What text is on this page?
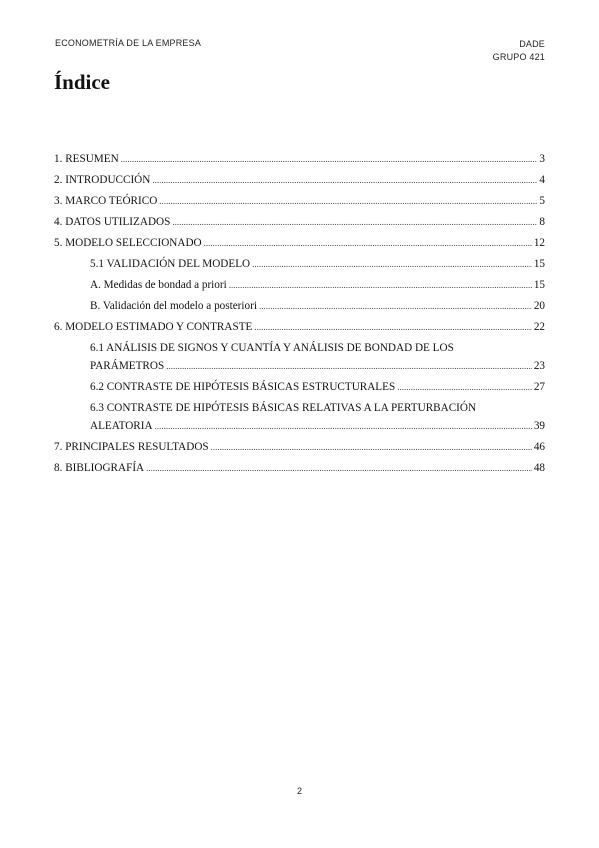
ECONOMETRÍA DE LA EMPRESA	DADE
GRUPO 421
Índice
1. RESUMEN .....	3
2. INTRODUCCIÓN .....	4
3. MARCO TEÓRICO .....	5
4. DATOS UTILIZADOS .....	8
5. MODELO SELECCIONADO .....	12
5.1 VALIDACIÓN DEL MODELO .....	15
A. Medidas de bondad a priori .....	15
B. Validación del modelo a posteriori .....	20
6. MODELO ESTIMADO Y CONTRASTE .....	22
6.1 ANÁLISIS DE SIGNOS Y CUANTÍA Y ANÁLISIS DE BONDAD DE LOS
PARÁMETROS .....	23
6.2 CONTRASTE DE HIPÓTESIS BÁSICAS ESTRUCTURALES .....	27
6.3 CONTRASTE DE HIPÓTESIS BÁSICAS RELATIVAS A LA PERTURBACIÓN
ALEATORIA .....	39
7. PRINCIPALES RESULTADOS .....	46
8. BIBLIOGRAFÍA .....	48
2
